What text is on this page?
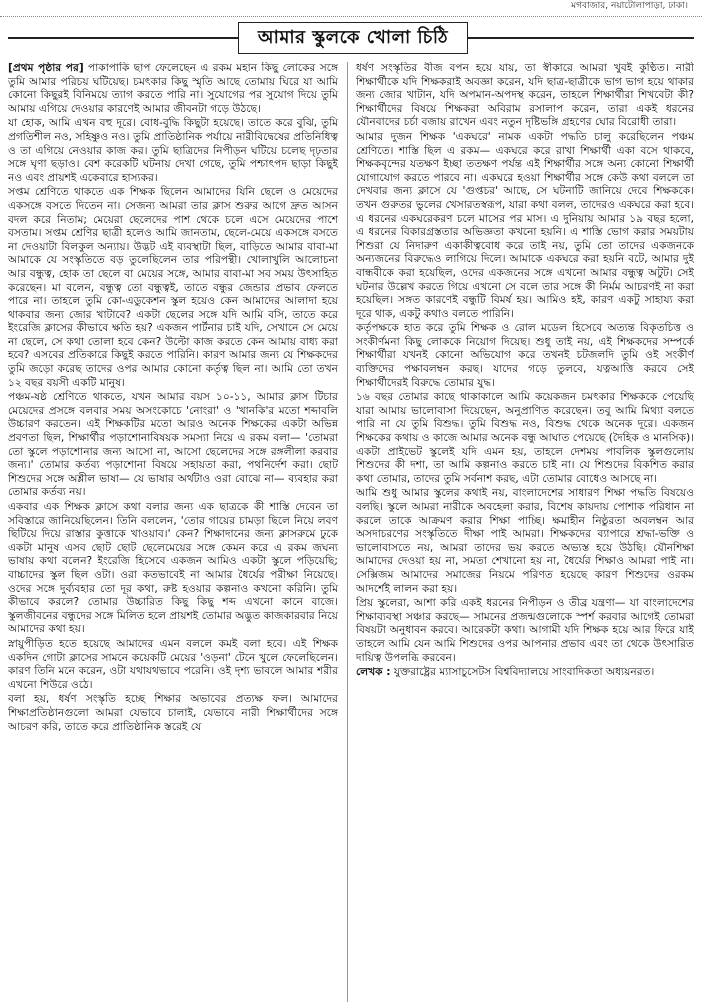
মগবাজার, নয়াটোলাপাড়া, ঢাকা।
আমার স্কুলকে খোলা চিঠি

[প্রথম পৃষ্ঠার পর] পাকাপাকি ছাপ ফেলেছেন এ রকম মহান কিছু লোকের সঙ্গে তুমি আমার পরিচয় ঘটিয়েছ। চমৎকার কিছু স্মৃতি আছে তোমায় ঘিরে যা আমি কোনো কিছুরই বিনিময়ে ত্যাগ করতে পারি না। সুযোগের পর সুযোগ দিয়ে তুমি আমায় এগিয়ে দেওয়ার কারণেই আমার জীবনটা গড়ে উঠছে।

যা হোক, আমি এখন বহু দূরে। বোধ-বুদ্ধি কিছুটা হয়েছে। তাতে করে বুঝি, তুমি প্রগতিশীল নও, সহিষ্ণুও নও। তুমি প্রাতিষ্ঠানিক পর্যায়ে নারীবিদ্বেষের প্রতিনিধিত্ব ও তা এগিয়ে নেওয়ার কাজ কর। তুমি ছাত্রিদের নিপীড়ন ঘটিয়ে চলেছ দৃঢ়তার সঙ্গে ঘৃণা ছড়াও। বেশ করেকটি ঘটনায় দেখা গেছে, তুমি পশ্চাৎপদ ছাড়া কিছুই নও এবং প্রায়শই একেবারে হাস্যকর।

সপ্তম শ্রেণিতে থাকতে এক শিক্ষক ছিলেন আমাদের যিনি ছেলে ও মেয়েদের একসঙ্গে বসতে দিতেন না। সেজন্য আমরা তার ক্লাস শুরুর আগে দ্রুত আসন বদল করে নিতাম; মেয়েরা ছেলেদের পাশ থেকে চলে এসে মেয়েদের পাশে বসতাম। সপ্তম শ্রেণির ছাত্রী হলেও আমি জানতাম, ছেলে-মেয়ে একসঙ্গে বসতে না দেওয়াটা বিলকুল অন্যায়। উদ্ভট এই ব্যবস্থাটা ছিল, বাড়িতে আমার বাবা-মা আমাকে যে সংস্কৃতিতে বড় তুলেছিলেন তার পরিপন্থী। খোলাখুলি আলোচনা আর বন্ধুত্ব, হোক তা ছেলে বা মেয়ের সঙ্গে, আমার বাবা-মা সব সময় উৎসাহিত করেছেন। মা বলেন, বন্ধুত্ব তো বন্ধুত্বই, তাতে বন্ধুর জেন্ডার প্রভাব ফেলতে পারে না। তাহলে তুমি কো-এডুকেশন স্কুল হয়েও কেন আমাদের আলাদা হয়ে থাকবার জন্য জোর খাটাবে? একটা ছেলের সঙ্গে যদি আমি বসি, তাতে করে ইংরেজি ক্লাসের কীভাবে ক্ষতি হয়? একজন পার্টনার চাই যদি, সেখানে সে মেয়ে না ছেলে, সে কথা তোলা হবে কেন? উল্টো কাজ করতে কেন আমায় বাধ্য করা হবে? এসবের প্রতিকারে কিছুই করতে পারিনি। কারণ আমার জন্য যে শিক্ষকদের তুমি জড়ো করেছ তাদের ওপর আমার কোনো কর্তৃত্ব ছিল না। আমি তো তখন ১২ বছর বয়সী একটি মানুষ।

পঞ্চম-ষষ্ঠ শ্রেণিতে থাকতে, যখন আমার বয়স ১০-১১, আমার ক্লাস টিচার মেয়েদের প্রসঙ্গে বলবার সময় অসংকোচে 'নোংরা' ও 'খানকি'র মতো শব্দাবলি উচ্চারণ করতেন। এই শিক্ষকটির মতো আরও অনেক শিক্ষকের একটা অভিন্ন প্রবণতা ছিল, শিক্ষার্থীর পড়াশোনাবিষয়ক সমস্যা নিয়ে এ রকম বলা— 'তোমরা তো স্কুলে পড়াশোনার জন্য আসো না, আসো ছেলেদের সঙ্গে রঙ্গলীলা করবার জন্য।' তোমার কর্তব্য পড়াশোনা বিষয়ে সহায়তা করা, পথনির্দেশ করা। ছোট শিশুদের সঙ্গে অশ্লীল ভাষা— যে ভাষার অর্থটাও ওরা বোঝে না— ব্যবহার করা তোমার কর্তব্য নয়।

একবার এক শিক্ষক ক্লাসে কথা বলার জন্য এক ছাত্রকে কী শাস্তি দেবেন তা সবিস্তারে জানিয়েছিলেন। তিনি বললেন, 'তোর গায়ের চামড়া ছিলে নিয়ে লবণ ছিটিয়ে দিয়ে রাস্তার কুত্তাকে খাওয়াব।' কেন? শিক্ষাদানের জন্য ক্লাসরুমে ঢুকে একটা মানুষ এসব ছোট ছোট ছেলেমেয়ের সঙ্গে কেমন করে এ রকম জঘন্য ভাষায় কথা বলেন? ইংরেজি হিসেবে একজন আমিও একটা স্কুলে পড়িয়েছি; বাচ্চাদের স্কুল ছিল ওটা। ওরা কতভাবেই না আমার ধৈর্যের পরীক্ষা নিয়েছে। ওদের সঙ্গে দুর্ব্যবহার তো দূর কথা, রুষ্ট হওয়ার কল্পনাও কখনো করিনি। তুমি কীভাবে করলে? তোমার উচ্চারিত কিছু কিছু শব্দ এখনো কানে বাজে। স্কুলজীবনের বন্ধুদের সঙ্গে মিলিত হলে প্রায়শই তোমার অদ্ভুত কাজকারবার নিয়ে আমাদের কথা হয়।

স্নায়ুপীড়িত হতে হয়েছে আমাদের এমন বললে কমই বলা হবে। এই শিক্ষক একদিন গোটা ক্লাসের সামনে কয়েকটি মেয়ের 'ওড়না' টেনে খুলে ফেলেছিলেন। কারণ তিনি মনে করেন, ওটা যথাযথভাবে পরেনি। ওই দৃশ্য ভাবলে আমার শরীর এখনো শিউরে ওঠে।

বলা হয়, ধর্ষণ সংস্কৃতি হচ্ছে শিক্ষার অভাবের প্রত্যক্ষ ফল। আমাদের শিক্ষাপ্রতিষ্ঠানগুলো আমরা যেভাবে চালাই, যেভাবে নারী শিক্ষার্থীদের সঙ্গে আচরণ করি, তাতে করে প্রাতিষ্ঠানিক স্তরেই যে

ধর্ষণ সংস্কৃতির বীজ বপন হয়ে যায়, তা স্বীকারে আমরা খুবই কুণ্ঠিত। নারী শিক্ষার্থীকে যদি শিক্ষকরাই অবজ্ঞা করেন, যদি ছাত্র-ছাত্রীকে ভাগ ভাগ হয়ে থাকার জন্য জোর খাটান, যদি অপমান-অপদস্থ করেন, তাহলে শিক্ষার্থীরা শিখবেটা কী? শিক্ষার্থীদের বিষয়ে শিক্ষকরা অবিরাম রসালাপ করেন, তারা একই ধরনের যৌনবাদের চর্চা বজায় রাখেন এবং নতুন দৃষ্টিভঙ্গি গ্রহণের ঘোর বিরোধী তারা।

আমার দুজন শিক্ষক 'একঘরে' নামক একটা পদ্ধতি চালু করেছিলেন পঞ্চম শ্রেণিতে। শাস্তি ছিল এ রকম— একঘরে করে রাখা শিক্ষার্থী একা বসে থাকবে, শিক্ষকবৃন্দের যতক্ষণ ইচ্ছা ততক্ষণ পর্যন্ত এই শিক্ষার্থীর সঙ্গে অন্য কোনো শিক্ষার্থী যোগাযোগ করতে পারবে না। একঘরে হওয়া শিক্ষার্থীর সঙ্গে কেউ কথা বললে তা দেখবার জন্য ক্লাসে যে 'গুপ্তচর' আছে, সে ঘটনাটি জানিয়ে দেবে শিক্ষককে। তখন গুরুতর ভুলের খেসারতস্বরূপ, যারা কথা বলল, তাদেরও একঘরে করা হবে। এ ধরনের একঘরেকরণ চলে মাসের পর মাস। এ দুনিয়ায় আমার ১৯ বছর হলো, এ ধরনের বিকারগ্রস্ততার অভিজ্ঞতা কখনো হয়নি। এ শাস্তি ভোগ করার সময়টায় শিশুরা যে নিদারুণ একাকীত্ববোধ করে তাই নয়, তুমি তো তাদের একজনকে অন্যজনের বিরুদ্ধেও লাগিয়ে দিলে। আমাকে একঘরে করা হয়নি বটে, আমার দুই বান্ধবীকে করা হয়েছিল, ওদের একজনের সঙ্গে এখনো আমার বন্ধুত্ব অটুট। সেই ঘটনার উল্লেখ করতে গিয়ে এখনো সে বলে তার সঙ্গে কী নির্মম আচরণই না করা হয়েছিল। সঙ্গত কারণেই বন্ধুটি বিমর্ষ হয়। আমিও হই, কারণ একটু সাহায্য করা দূরে থাক, একটু কথাও বলতে পারিনি।

কর্তৃপক্ষকে হাত করে তুমি শিক্ষক ও রোল মডেল হিসেবে অত্যন্ত বিকৃতচিত্ত ও সংকীর্ণমনা কিছু লোককে নিয়োগ দিয়েছ। শুধু তাই নয়, এই শিক্ষকদের সম্পর্কে শিক্ষার্থীরা যখনই কোনো অভিযোগ করে তখনই চটজলদি তুমি ওই সংকীর্ণ ব্যক্তিদের পক্ষাবলম্বন করছ। যাদের গড়ে তুলবে, যত্নআত্তি করবে সেই শিক্ষার্থীদেরই বিরুদ্ধে তোমার যুদ্ধ।

১৬ বছর তোমার কাছে থাকাকালে আমি কয়েকজন চমৎকার শিক্ষককে পেয়েছি যারা আমায় ভালোবাসা দিয়েছেন, অনুপ্রাণিত করেছেন। তবু আমি মিথ্যা বলতে পারি না যে তুমি বিশুদ্ধ। তুমি বিশুদ্ধ নও, বিশুদ্ধ থেকে অনেক দূরে। একজন শিক্ষকের কথায় ও কাজে আমার অনেক বন্ধু আঘাত পেয়েছে (দৈহিক ও মানসিক)। একটা প্রাইভেট স্কুলেই যদি এমন হয়, তাহলে দেশময় পাবলিক স্কুলগুলোয় শিশুদের কী দশা, তা আমি কল্পনাও করতে চাই না। যে শিশুদের বিকশিত করার কথা তোমার, তাদের তুমি সর্বনাশ করছ, এটা তোমার বোধেও আসছে না।

আমি শুধু আমার স্কুলের কথাই নয়, বাংলাদেশের সাধারণ শিক্ষা পদ্ধতি বিষয়েও বলছি। স্কুলে আমরা নারীকে অবহেলা করার, বিশেষ কায়দায় পোশাক পরিধান না করলে তাকে আক্রমণ করার শিক্ষা পাচ্ছি। ক্ষমাহীন নিষ্ঠুরতা অবলম্বন আর অসদাচরণের সংস্কৃতিতে দীক্ষা পাই আমরা। শিক্ষকদের ব্যাপারে শ্রদ্ধা-ভক্তি ও ভালোবাসতে নয়, আমরা তাদের ভয় করতে অভ্যস্ত হয়ে উঠছি। যৌনশিক্ষা আমাদের দেওয়া হয় না, সমতা শেখানো হয় না, ধৈর্যের শিক্ষাও আমরা পাই না। সেক্সিজম আমাদের সমাজের নিয়মে পরিণত হয়েছে কারণ শিশুদের ওরকম আদর্শেই লালন করা হয়।

প্রিয় স্কুলেরা, আশা করি একই ধরনের নিপীড়ন ও তীব্র যন্ত্রণা— যা বাংলাদেশের শিক্ষাব্যবস্থা সঞ্চার করছে— সামনের প্রজন্মগুলোকে স্পর্শ করবার আগেই তোমরা বিষয়টা অনুধাবন করবে। আরেকটা কথা। আগামী যদি শিক্ষক হয়ে আর ফিরে যাই তাহলে আমি যেন আমি শিশুদের ওপর আপনার প্রভাব এবং তা থেকে উৎসারিত দায়িত্ব উপলব্ধি করবেন।

লেখক : যুক্তরাষ্ট্রের ম্যাসাচুসেটস বিশ্ববিদ্যালয়ে সাংবাদিকতা অধ্যয়নরত।
